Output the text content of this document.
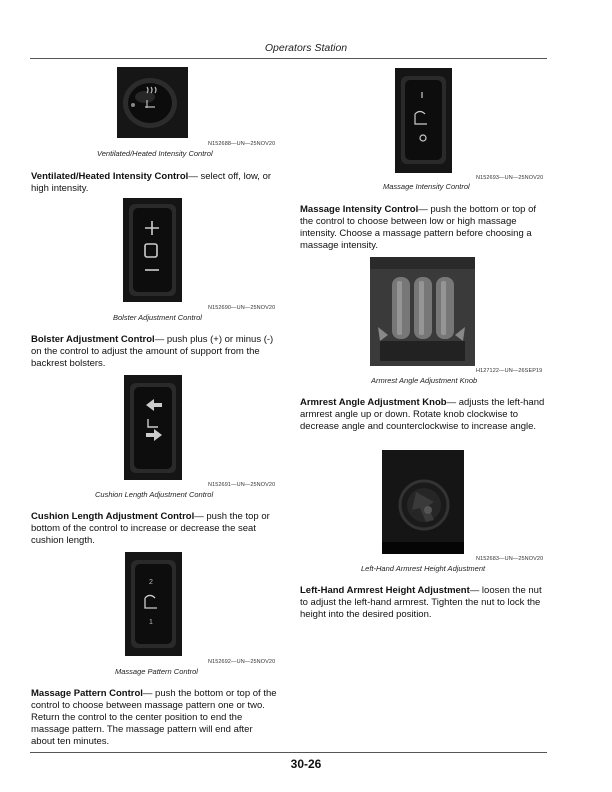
Operators Station
N152688—UN—25NOV20
Ventilated/Heated Intensity Control
Ventilated/Heated Intensity Control— select off, low, or high intensity.
N152690—UN—25NOV20
Bolster Adjustment Control
Bolster Adjustment Control— push plus (+) or minus (-) on the control to adjust the amount of support from the backrest bolsters.
N152691—UN—25NOV20
Cushion Length Adjustment Control
Cushion Length Adjustment Control— push the top or bottom of the control to increase or decrease the seat cushion length.
2
1
N152692—UN—25NOV20
Massage Pattern Control
Massage Pattern Control— push the bottom or top of the control to choose between massage pattern one or two. Return the control to the center position to end the massage pattern. The massage pattern will end after about ten minutes.
N152693—UN—25NOV20
Massage Intensity Control
Massage Intensity Control— push the bottom or top of the control to choose between low or high massage intensity. Choose a massage pattern before choosing a massage intensity.
H127122—UN—26SEP19
Armrest Angle Adjustment Knob
Armrest Angle Adjustment Knob— adjusts the left-hand armrest angle up or down. Rotate knob clockwise to decrease angle and counterclockwise to increase angle.
N152683—UN—25NOV20
Left-Hand Armrest Height Adjustment
Left-Hand Armrest Height Adjustment— loosen the nut to adjust the left-hand armrest. Tighten the nut to lock the height into the desired position.
30-26
